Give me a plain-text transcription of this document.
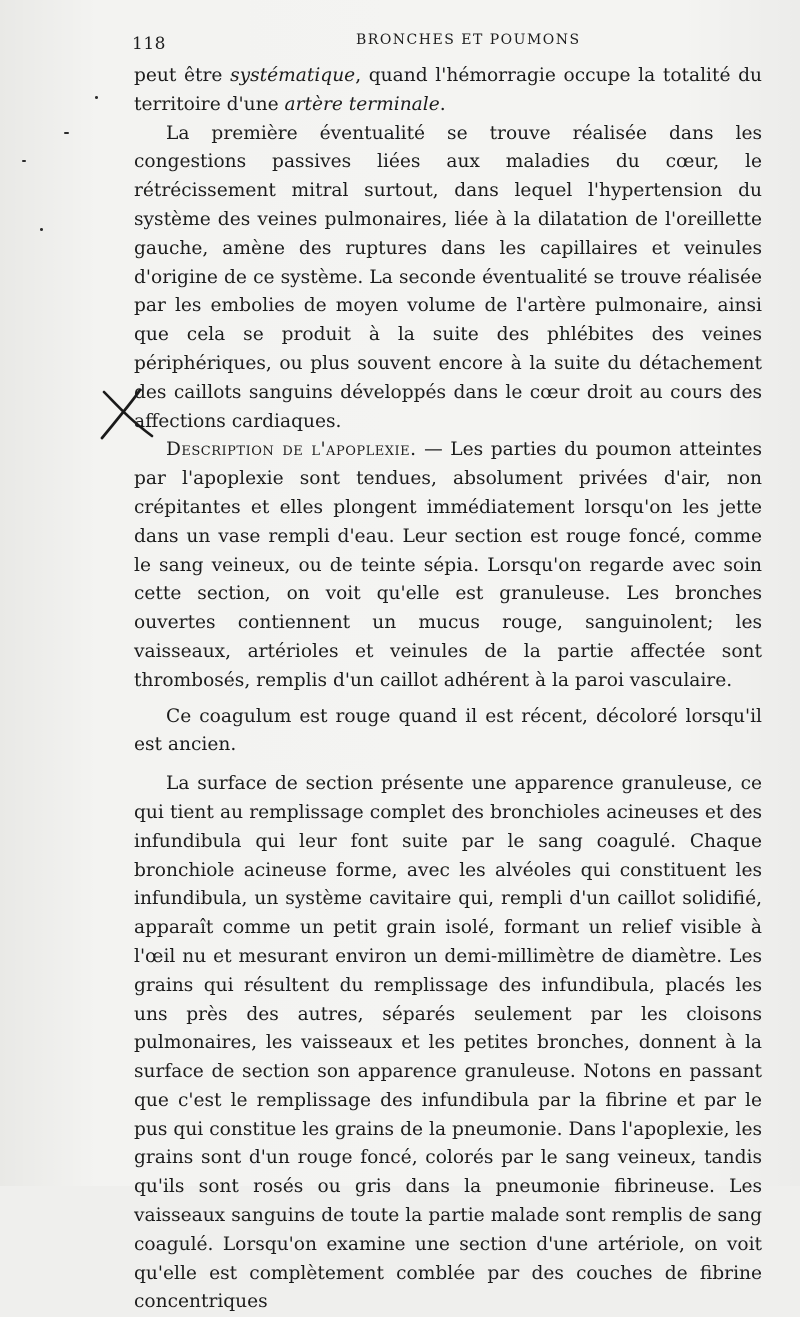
118	BRONCHES ET POUMONS

peut être systématique, quand l'hémorragie occupe la totalité du territoire d'une artère terminale.

La première éventualité se trouve réalisée dans les congestions passives liées aux maladies du cœur, le rétrécissement mitral surtout, dans lequel l'hypertension du système des veines pulmonaires, liée à la dilatation de l'oreillette gauche, amène des ruptures dans les capillaires et veinules d'origine de ce système. La seconde éventualité se trouve réalisée par les embolies de moyen volume de l'artère pulmonaire, ainsi que cela se produit à la suite des phlébites des veines périphériques, ou plus souvent encore à la suite du détachement des caillots sanguins développés dans le cœur droit au cours des affections cardiaques.

Description de l'apoplexie. — Les parties du poumon atteintes par l'apoplexie sont tendues, absolument privées d'air, non crépitantes et elles plongent immédiatement lorsqu'on les jette dans un vase rempli d'eau. Leur section est rouge foncé, comme le sang veineux, ou de teinte sépia. Lorsqu'on regarde avec soin cette section, on voit qu'elle est granuleuse. Les bronches ouvertes contiennent un mucus rouge, sanguinolent; les vaisseaux, artérioles et veinules de la partie affectée sont thrombosés, remplis d'un caillot adhérent à la paroi vasculaire.

Ce coagulum est rouge quand il est récent, décoloré lorsqu'il est ancien.

La surface de section présente une apparence granuleuse, ce qui tient au remplissage complet des bronchioles acineuses et des infundibula qui leur font suite par le sang coagulé. Chaque bronchiole acineuse forme, avec les alvéoles qui constituent les infundibula, un système cavitaire qui, rempli d'un caillot solidifié, apparaît comme un petit grain isolé, formant un relief visible à l'œil nu et mesurant environ un demi-millimètre de diamètre. Les grains qui résultent du remplissage des infundibula, placés les uns près des autres, séparés seulement par les cloisons pulmonaires, les vaisseaux et les petites bronches, donnent à la surface de section son apparence granuleuse. Notons en passant que c'est le remplissage des infundibula par la fibrine et par le pus qui constitue les grains de la pneumonie. Dans l'apoplexie, les grains sont d'un rouge foncé, colorés par le sang veineux, tandis qu'ils sont rosés ou gris dans la pneumonie fibrineuse. Les vaisseaux sanguins de toute la partie malade sont remplis de sang coagulé. Lorsqu'on examine une section d'une artériole, on voit qu'elle est complètement comblée par des couches de fibrine concentriques
